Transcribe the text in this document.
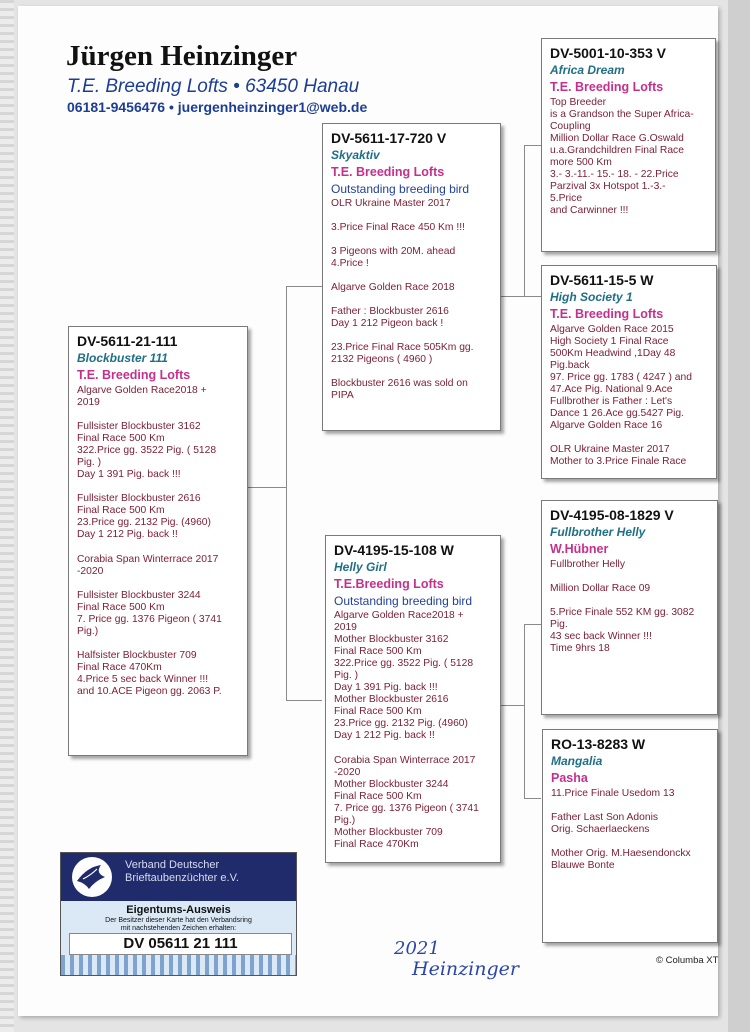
Jürgen Heinzinger
T.E. Breeding Lofts • 63450 Hanau
06181-9456476 • juergenheinzinger1@web.de
DV-5611-21-111
Blockbuster 111
T.E. Breeding Lofts
Algarve Golden Race2018 +
2019
Fullsister Blockbuster 3162
Final Race 500 Km
322.Price gg. 3522 Pig. ( 5128
Pig. )
Day 1 391 Pig. back !!!
Fullsister Blockbuster 2616
Final Race 500 Km
23.Price gg. 2132 Pig. (4960)
Day 1 212 Pig. back !!
Corabia Span Winterrace 2017
-2020
Fullsister Blockbuster 3244
Final Race 500 Km
7. Price gg. 1376 Pigeon ( 3741
Pig.)
Halfsister Blockbuster 709
Final Race 470Km
4.Price 5 sec back Winner !!!
and 10.ACE Pigeon gg. 2063 P.
DV-5611-17-720 V
Skyaktiv
T.E. Breeding Lofts
Outstanding breeding bird
OLR Ukraine Master 2017
3.Price Final Race 450 Km !!!
3 Pigeons with 20M. ahead
4.Price !
Algarve Golden Race 2018
Father : Blockbuster 2616
Day 1 212 Pigeon back !
23.Price Final Race 505Km gg.
2132 Pigeons ( 4960 )
Blockbuster 2616 was sold on
PIPA
DV-4195-15-108 W
Helly Girl
T.E.Breeding Lofts
Outstanding breeding bird
Algarve Golden Race2018 +
2019
Mother Blockbuster 3162
Final Race 500 Km
322.Price gg. 3522 Pig. ( 5128
Pig. )
Day 1 391 Pig. back !!!
Mother Blockbuster 2616
Final Race 500 Km
23.Price gg. 2132 Pig. (4960)
Day 1 212 Pig. back !!
Corabia Span Winterrace 2017
-2020
Mother Blockbuster 3244
Final Race 500 Km
7. Price gg. 1376 Pigeon ( 3741
Pig.)
Mother Blockbuster 709
Final Race 470Km
DV-5001-10-353 V
Africa Dream
T.E. Breeding Lofts
Top Breeder
is a Grandson the Super Africa-
Coupling
Million Dollar Race G.Oswald
u.a.Grandchildren Final Race
more 500 Km
3.- 3.-11.- 15.- 18. - 22.Price
Parzival 3x Hotspot 1.-3.-
5.Price
and Carwinner !!!
DV-5611-15-5 W
High Society 1
T.E. Breeding Lofts
Algarve Golden Race 2015
High Society 1 Final Race
500Km Headwind ,1Day 48
Pig.back
97. Price gg. 1783 ( 4247 ) and
47.Ace Pig. National 9.Ace
Fullbrother is Father : Let's
Dance 1 26.Ace gg.5427 Pig.
Algarve Golden Race 16
OLR Ukraine Master 2017
Mother to 3.Price Finale Race
DV-4195-08-1829 V
Fullbrother Helly
W.Hübner
Fullbrother Helly
Million Dollar Race 09
5.Price Finale 552 KM gg. 3082
Pig.
43 sec back Winner !!!
Time 9hrs 18
RO-13-8283 W
Mangalia
Pasha
11.Price Finale Usedom 13
Father Last Son Adonis
Orig. Schaerlaeckens
Mother Orig. M.Haesendonckx
Blauwe Bonte
Verband Deutscher
Brieftaubenzüchter e.V.
Eigentums-Ausweis
Der Besitzer dieser Karte hat den Verbandsring
mit nachstehenden Zeichen erhalten:
DV 05611 21 111	2021
Heinzinger	© Columba XT
